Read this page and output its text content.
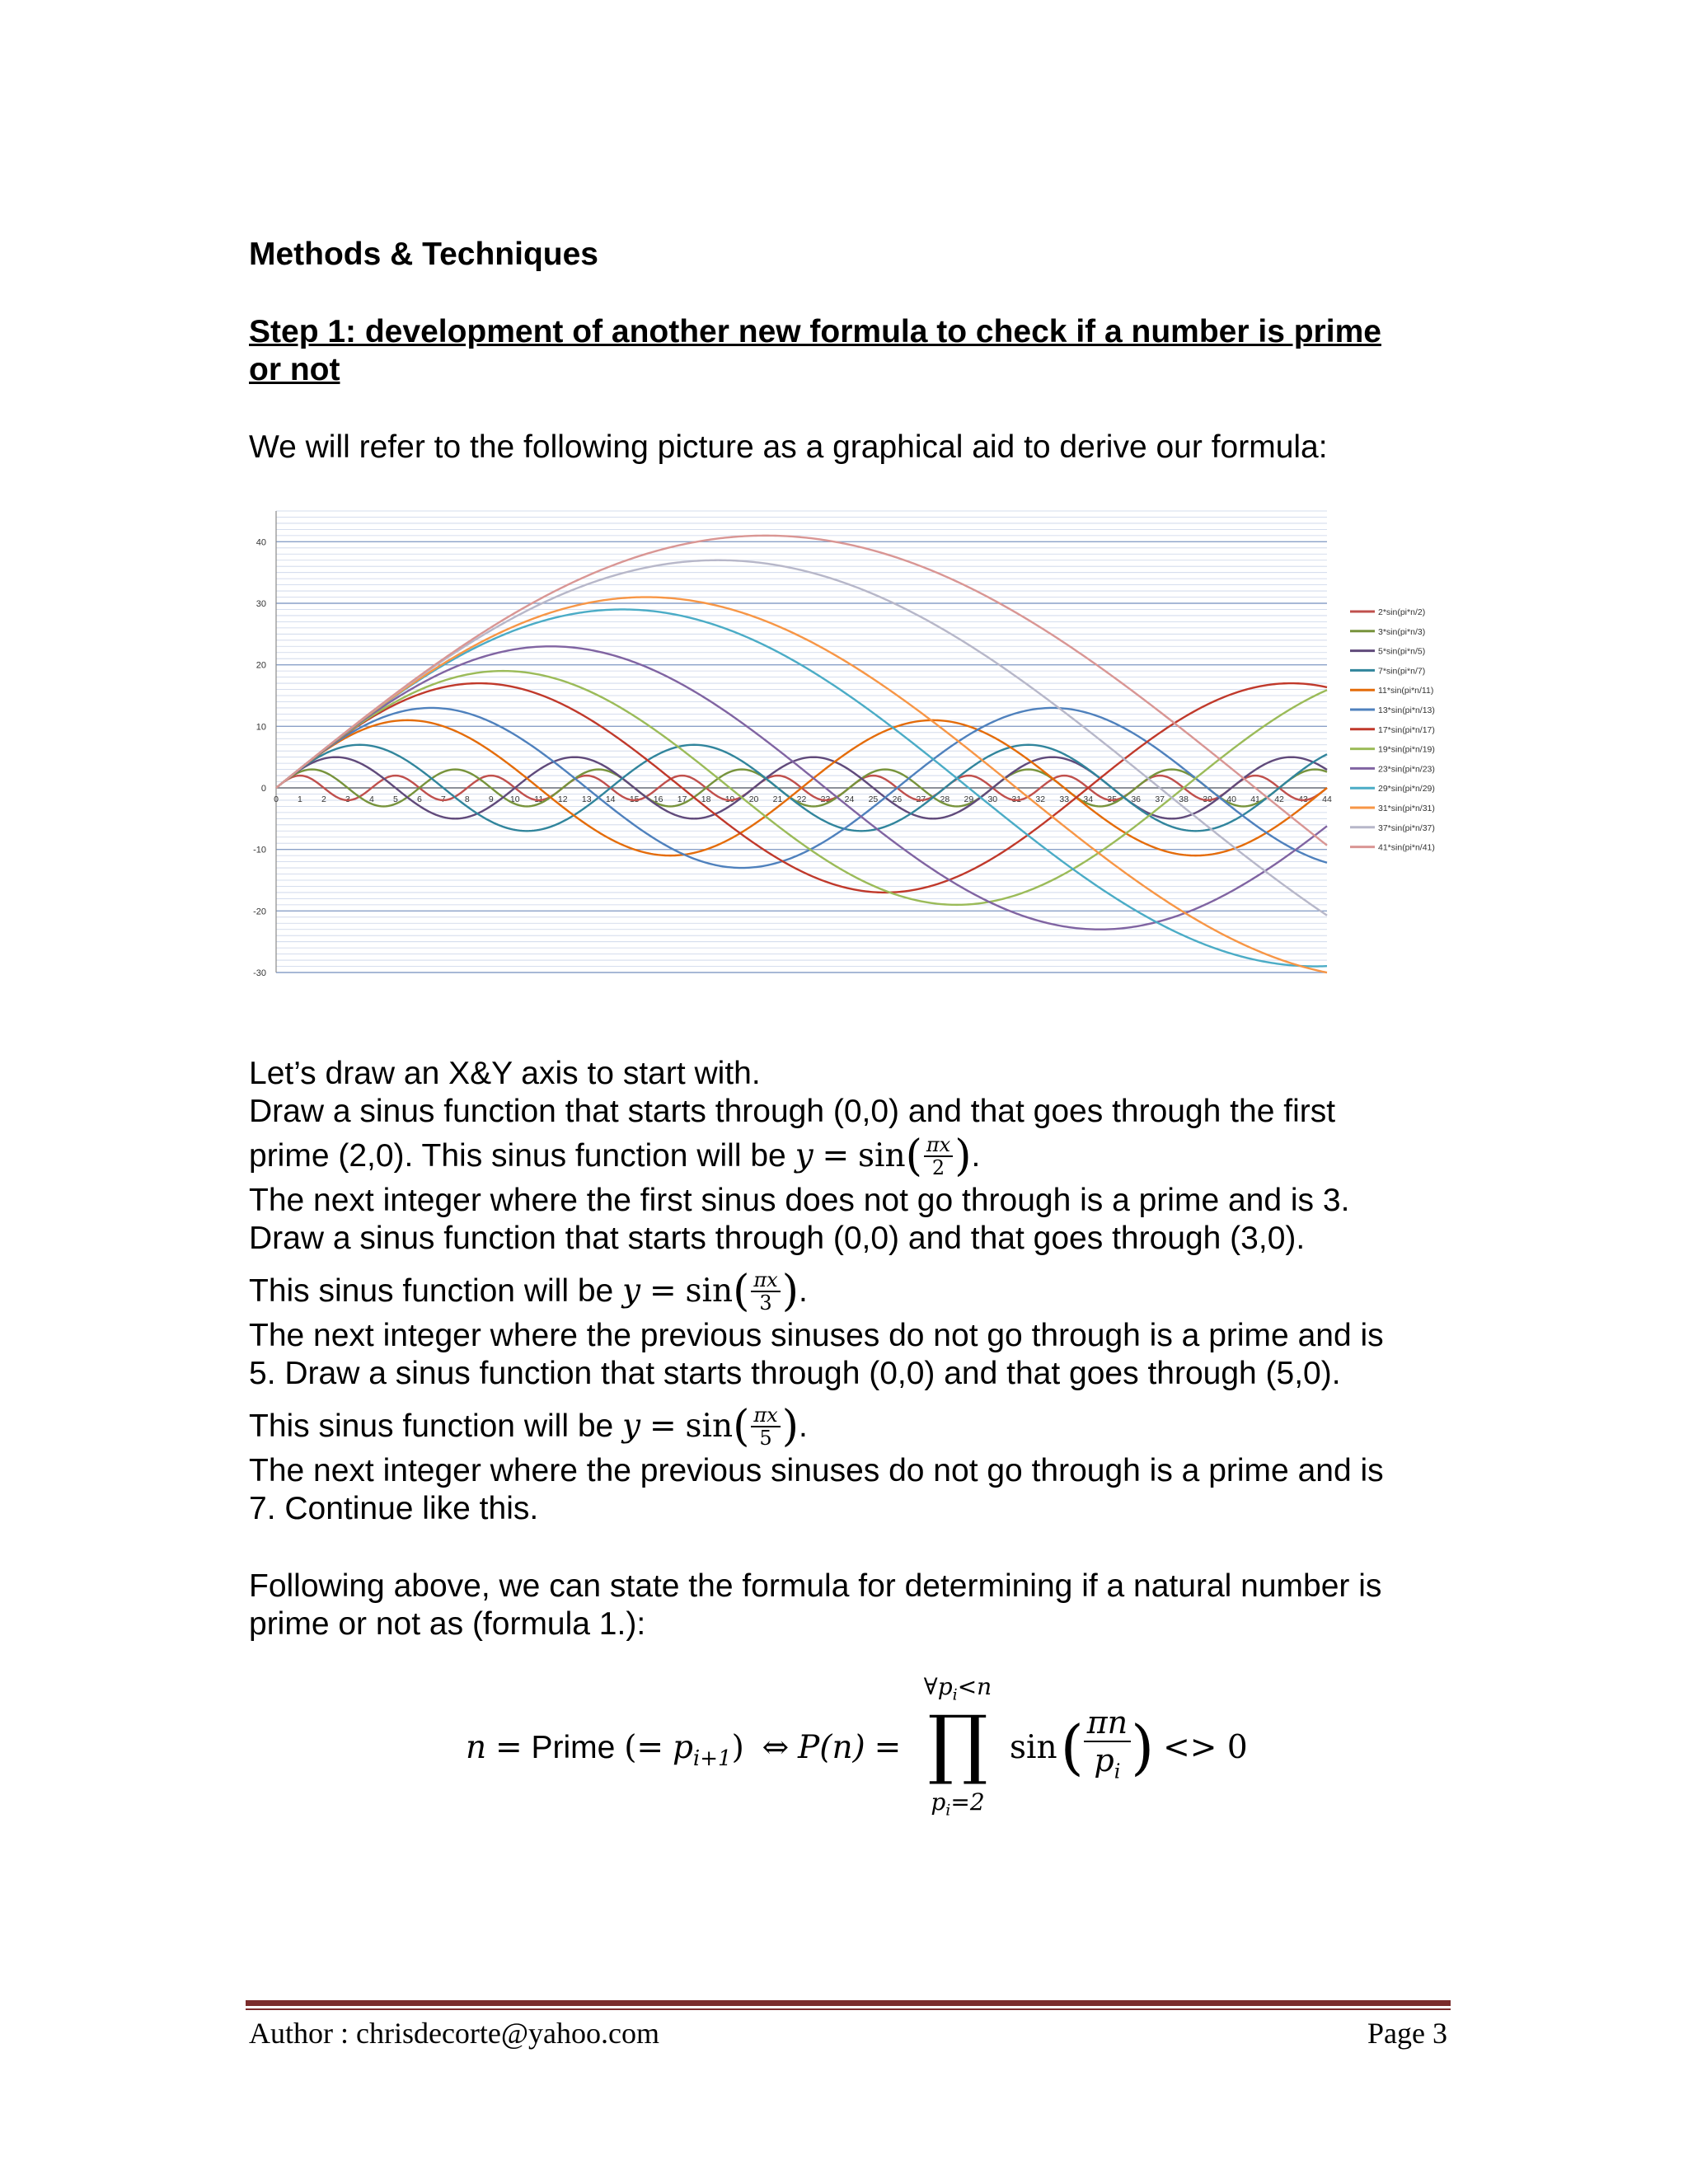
Methods & Techniques
Step 1: development of another new formula to check if a number is prime
or not
We will refer to the following picture as a graphical aid to derive our formula:
40
30
20
10
0
-10
-20
-30
0 1 2 3 4 5 6 7 8 9 10 11 12 13 14 15 16 17 18 19 20 21 22 23 24 25 26 27 28 29 30 31 32 33 34 35 36 37 38 39 40 41 42 43 44
2*sin(pi*n/2)
3*sin(pi*n/3)
5*sin(pi*n/5)
7*sin(pi*n/7)
11*sin(pi*n/11)
13*sin(pi*n/13)
17*sin(pi*n/17)
19*sin(pi*n/19)
23*sin(pi*n/23)
29*sin(pi*n/29)
31*sin(pi*n/31)
37*sin(pi*n/37)
41*sin(pi*n/41)
Let’s draw an X&Y axis to start with.
Draw a sinus function that starts through (0,0) and that goes through the first
prime (2,0). This sinus function will be y
=
sin ( $\frac{\pi x}{2}$ ) .
The next integer where the first sinus does not go through is a prime and is 3.
Draw a sinus function that starts through (0,0) and that goes through (3,0).
This sinus function will be y
=
sin ( $\frac{\pi x}{3}$ ) .
The next integer where the previous sinuses do not go through is a prime and is
5. Draw a sinus function that starts through (0,0) and that goes through (5,0).
This sinus function will be y
=
sin ( $\frac{\pi x}{5}$ ) .
The next integer where the previous sinuses do not go through is a prime and is
7. Continue like this.
Following above, we can state the formula for determining if a natural number is
prime or not as (formula 1.):
n = Prime (= $p_{i+1}$) ⇔ P(n) =
$\forall p_i<n$
∏
$p_i=2$
sin ( πn
$p_i$ )
<> 0
Author : chrisdecorte@yahoo.com	Page 3
